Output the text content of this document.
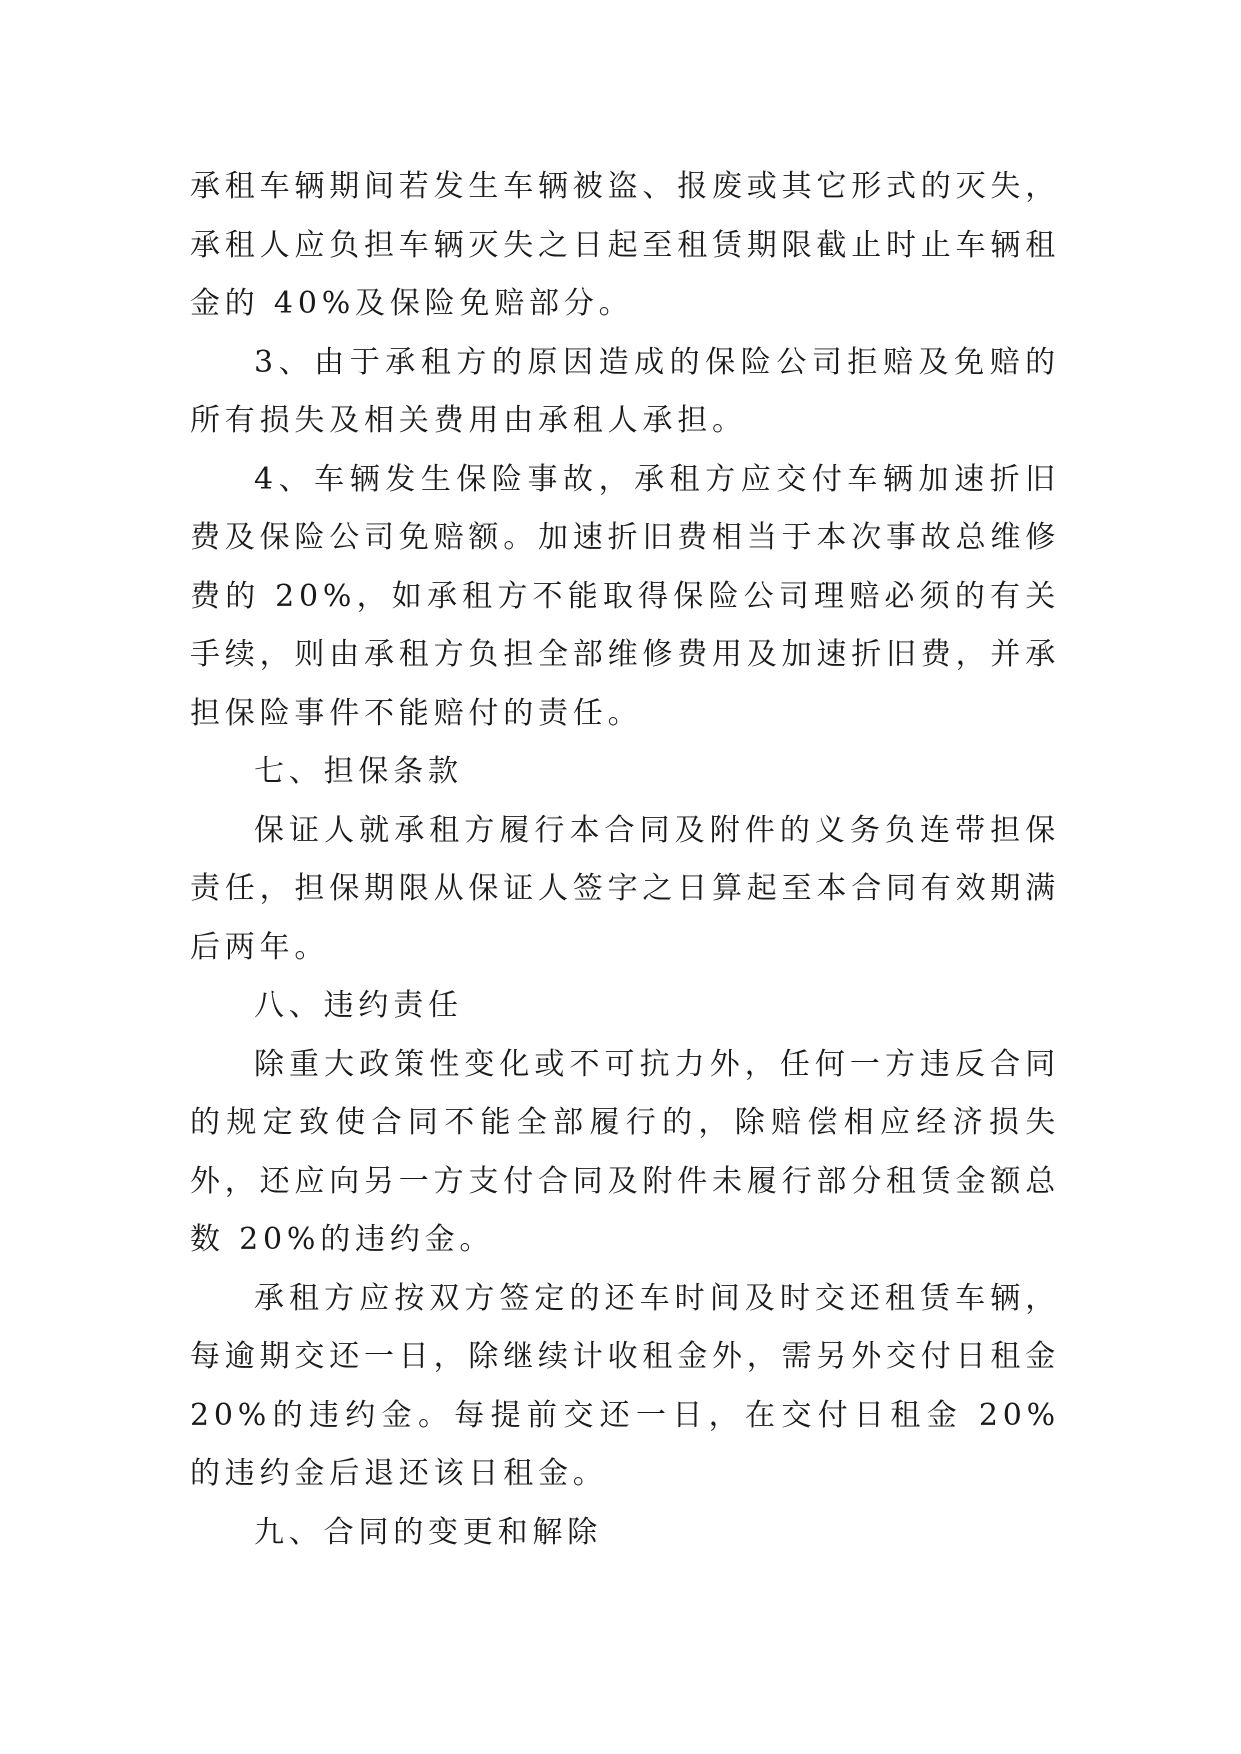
承租车辆期间若发生车辆被盗、报废或其它形式的灭失，承租人应负担车辆灭失之日起至租赁期限截止时止车辆租金的 40%及保险免赔部分。

3、由于承租方的原因造成的保险公司拒赔及免赔的所有损失及相关费用由承租人承担。

4、车辆发生保险事故，承租方应交付车辆加速折旧费及保险公司免赔额。加速折旧费相当于本次事故总维修费的 20%，如承租方不能取得保险公司理赔必须的有关手续，则由承租方负担全部维修费用及加速折旧费，并承担保险事件不能赔付的责任。

七、担保条款

保证人就承租方履行本合同及附件的义务负连带担保责任，担保期限从保证人签字之日算起至本合同有效期满后两年。

八、违约责任

除重大政策性变化或不可抗力外，任何一方违反合同的规定致使合同不能全部履行的，除赔偿相应经济损失外，还应向另一方支付合同及附件未履行部分租赁金额总数 20%的违约金。

承租方应按双方签定的还车时间及时交还租赁车辆，每逾期交还一日，除继续计收租金外，需另外交付日租金 20%的违约金。每提前交还一日，在交付日租金 20%的违约金后退还该日租金。

九、合同的变更和解除
